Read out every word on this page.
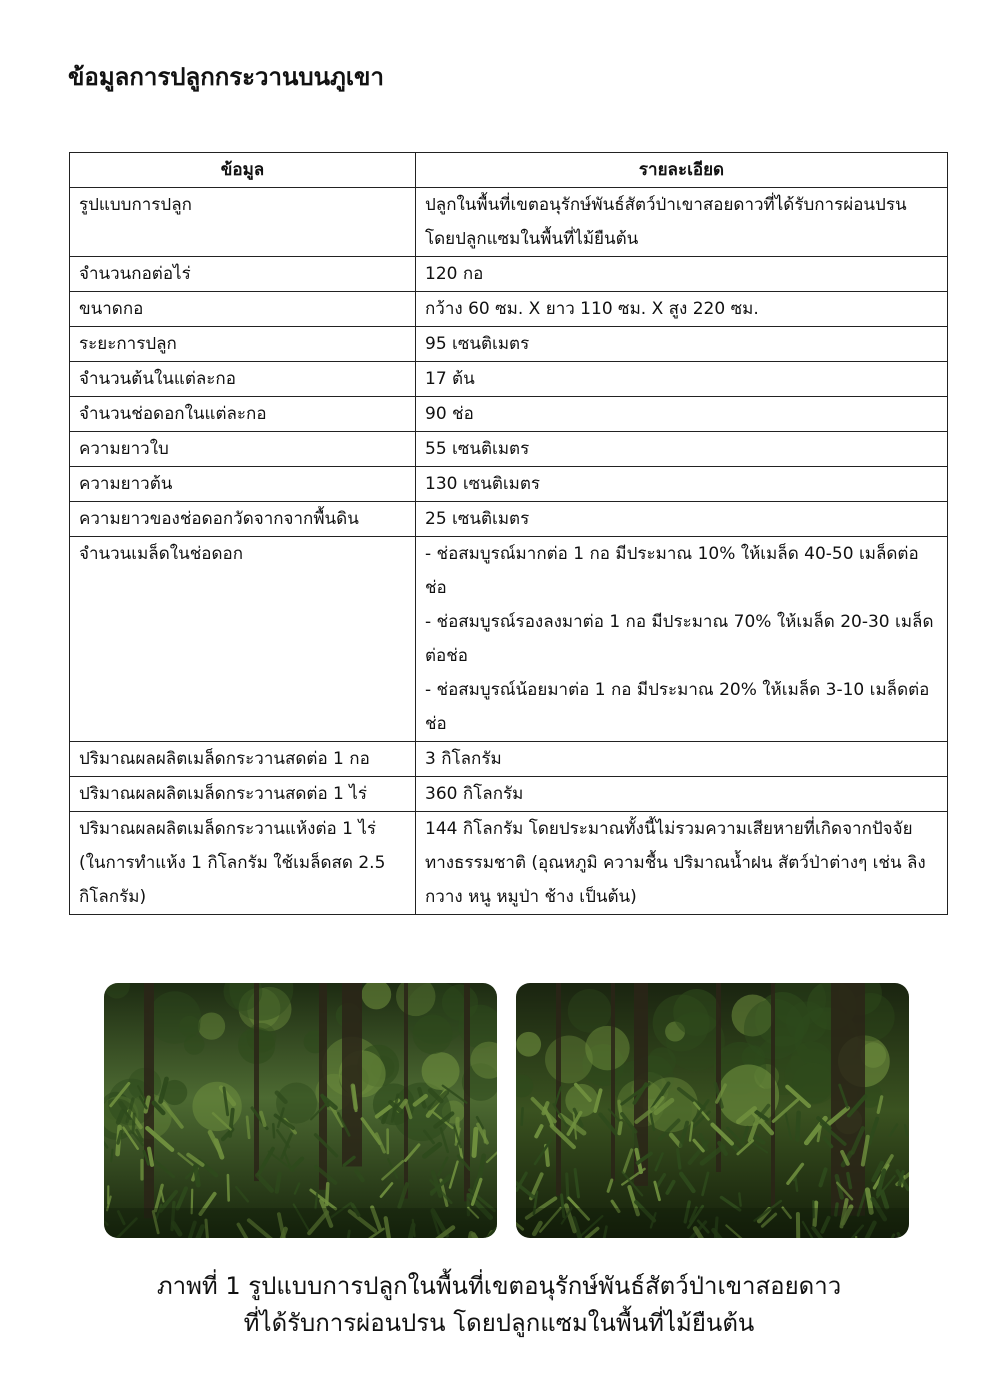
ข้อมูลการปลูกกระวานบนภูเขา
ข้อมูล	รายละเอียด
รูปแบบการปลูก	ปลูกในพื้นที่เขตอนุรักษ์พันธ์สัตว์ป่าเขาสอยดาวที่ได้รับการผ่อนปรน โดยปลูกแซมในพื้นที่ไม้ยืนต้น

จำนวนกอต่อไร่	120 กอ

ขนาดกอ	กว้าง 60 ซม. X ยาว 110 ซม. X สูง 220 ซม.

ระยะการปลูก	95 เซนติเมตร

จำนวนต้นในแต่ละกอ	17 ต้น

จำนวนช่อดอกในแต่ละกอ	90 ช่อ

ความยาวใบ	55 เซนติเมตร

ความยาวต้น	130 เซนติเมตร

ความยาวของช่อดอกวัดจากจากพื้นดิน	25 เซนติเมตร

จำนวนเมล็ดในช่อดอก	- ช่อสมบูรณ์มากต่อ 1 กอ มีประมาณ 10% ให้เมล็ด 40-50 เมล็ดต่อช่อ
- ช่อสมบูรณ์รองลงมาต่อ 1 กอ มีประมาณ 70% ให้เมล็ด 20-30 เมล็ดต่อช่อ
- ช่อสมบูรณ์น้อยมาต่อ 1 กอ มีประมาณ 20% ให้เมล็ด 3-10 เมล็ดต่อช่อ

ปริมาณผลผลิตเมล็ดกระวานสดต่อ 1 กอ	3 กิโลกรัม

ปริมาณผลผลิตเมล็ดกระวานสดต่อ 1 ไร่	360 กิโลกรัม

ปริมาณผลผลิตเมล็ดกระวานแห้งต่อ 1 ไร่ (ในการทำแห้ง 1 กิโลกรัม ใช้เมล็ดสด 2.5 กิโลกรัม)	144 กิโลกรัม โดยประมาณทั้งนี้ไม่รวมความเสียหายที่เกิดจากปัจจัยทางธรรมชาติ (อุณหภูมิ ความชื้น ปริมาณน้ำฝน สัตว์ป่าต่างๆ เช่น ลิง กวาง หนู หมูป่า ช้าง เป็นต้น)
ภาพที่ 1 รูปแบบการปลูกในพื้นที่เขตอนุรักษ์พันธ์สัตว์ป่าเขาสอยดาว
ที่ได้รับการผ่อนปรน โดยปลูกแซมในพื้นที่ไม้ยืนต้น
